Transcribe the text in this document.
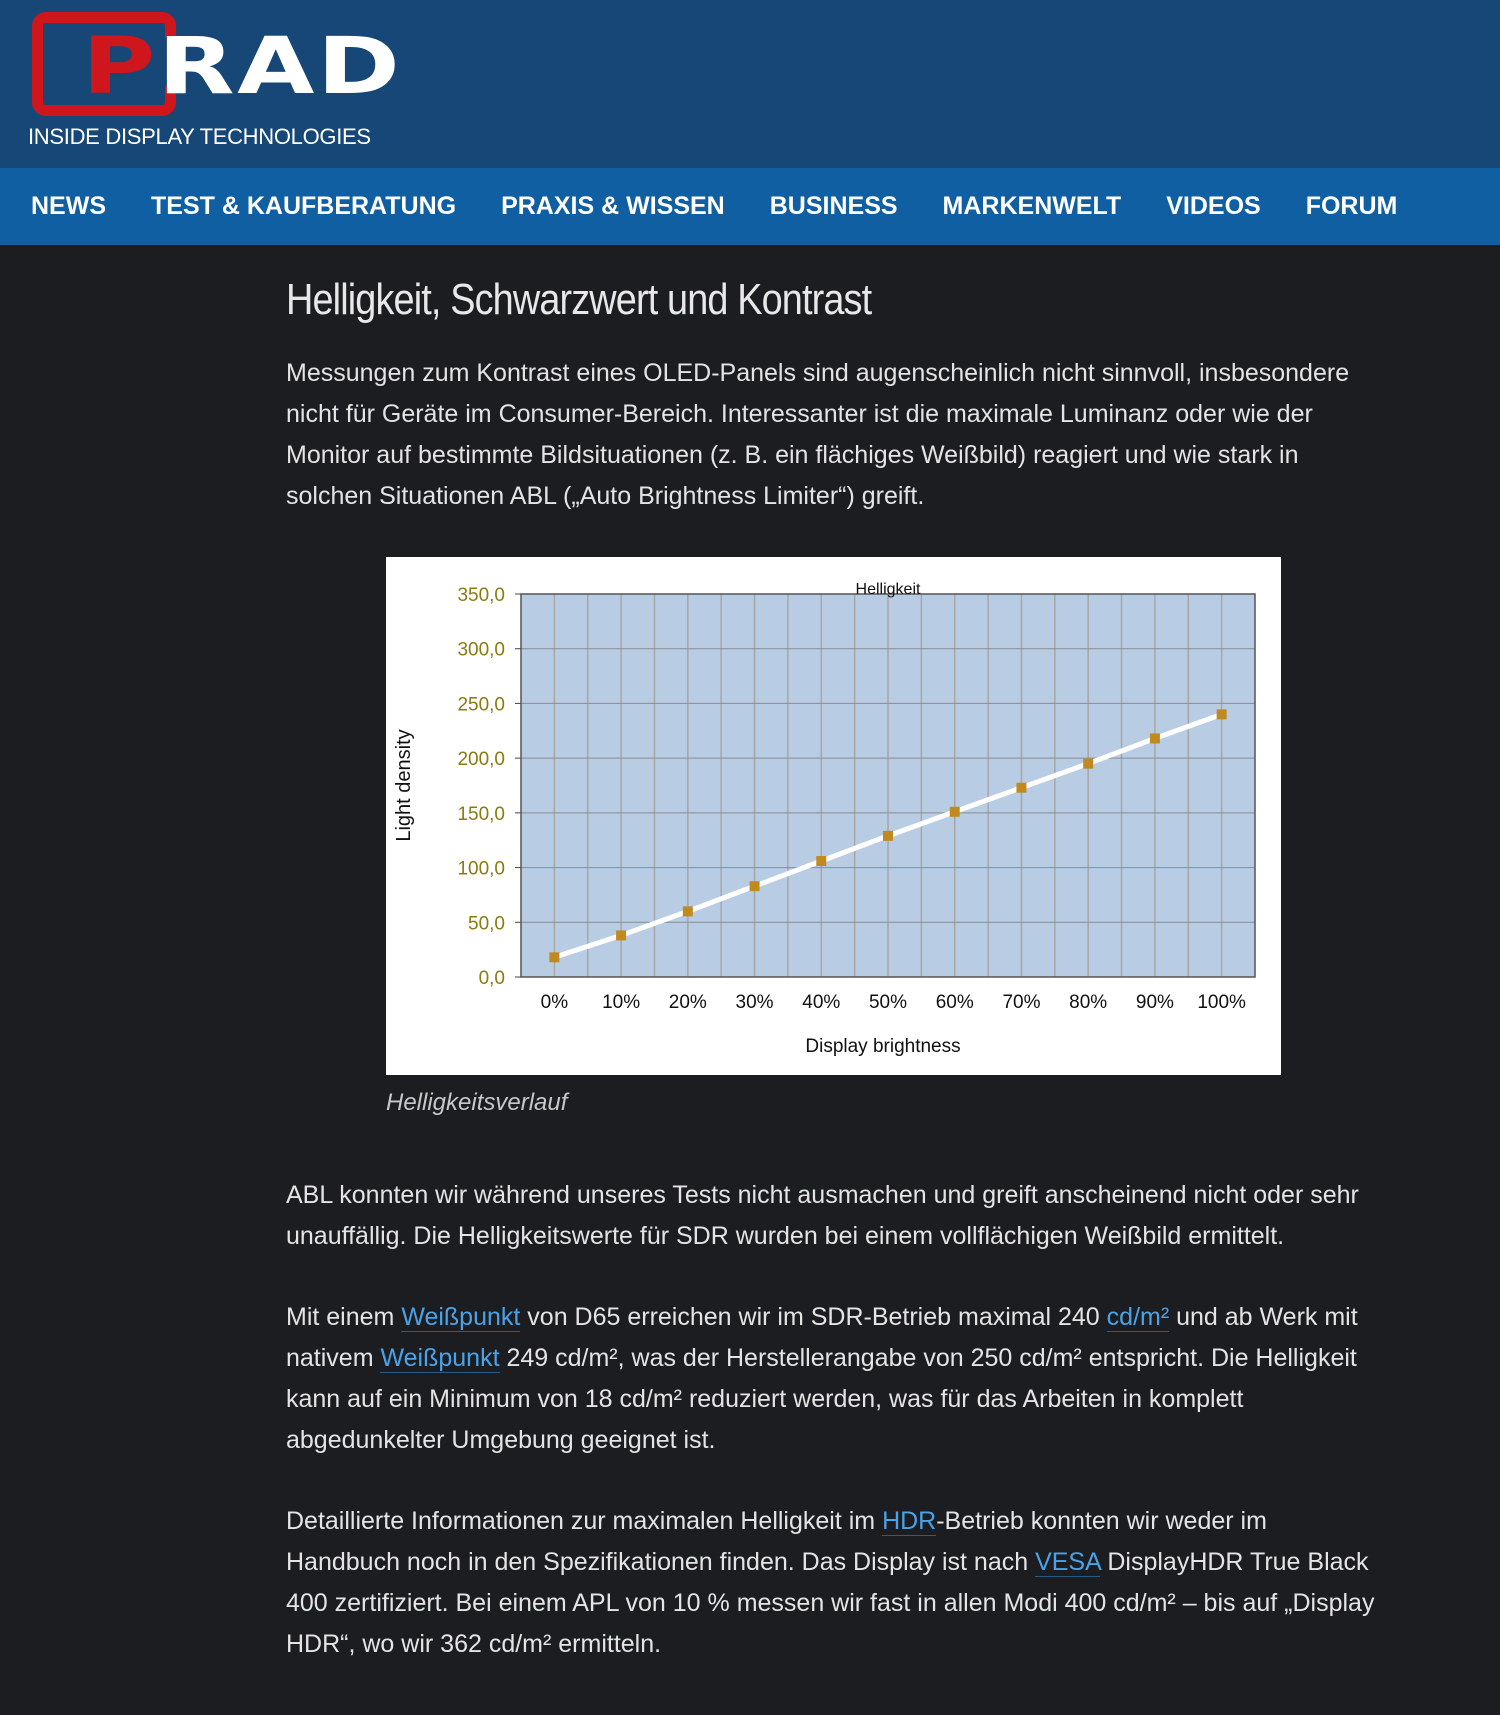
PRAD
INSIDE DISPLAY TECHNOLOGIES
NEWS TEST & KAUFBERATUNG PRAXIS & WISSEN BUSINESS MARKENWELT VIDEOS FORUM
Helligkeit, Schwarzwert und Kontrast

Messungen zum Kontrast eines OLED-Panels sind augenscheinlich nicht sinnvoll, insbesondere nicht für Geräte im Consumer-Bereich. Interessanter ist die maximale Luminanz oder wie der Monitor auf bestimmte Bildsituationen (z. B. ein flächiges Weißbild) reagiert und wie stark in solchen Situationen ABL („Auto Brightness Limiter“) greift.

0,0
50,0
100,0
150,0
200,0
250,0
300,0
350,0	Helligkeit
0% 10% 20% 30% 40% 50% 60% 70% 80% 90% 100%
Display brightness
Light density
Helligkeitsverlauf

ABL konnten wir während unseres Tests nicht ausmachen und greift anscheinend nicht oder sehr unauffällig. Die Helligkeitswerte für SDR wurden bei einem vollflächigen Weißbild ermittelt.

Mit einem Weißpunkt von D65 erreichen wir im SDR-Betrieb maximal 240 cd/m² und ab Werk mit nativem Weißpunkt 249 cd/m², was der Herstellerangabe von 250 cd/m² entspricht. Die Helligkeit kann auf ein Minimum von 18 cd/m² reduziert werden, was für das Arbeiten in komplett abgedunkelter Umgebung geeignet ist.

Detaillierte Informationen zur maximalen Helligkeit im HDR-Betrieb konnten wir weder im Handbuch noch in den Spezifikationen finden. Das Display ist nach VESA DisplayHDR True Black 400 zertifiziert. Bei einem APL von 10 % messen wir fast in allen Modi 400 cd/m² – bis auf „Display HDR“, wo wir 362 cd/m² ermitteln.
